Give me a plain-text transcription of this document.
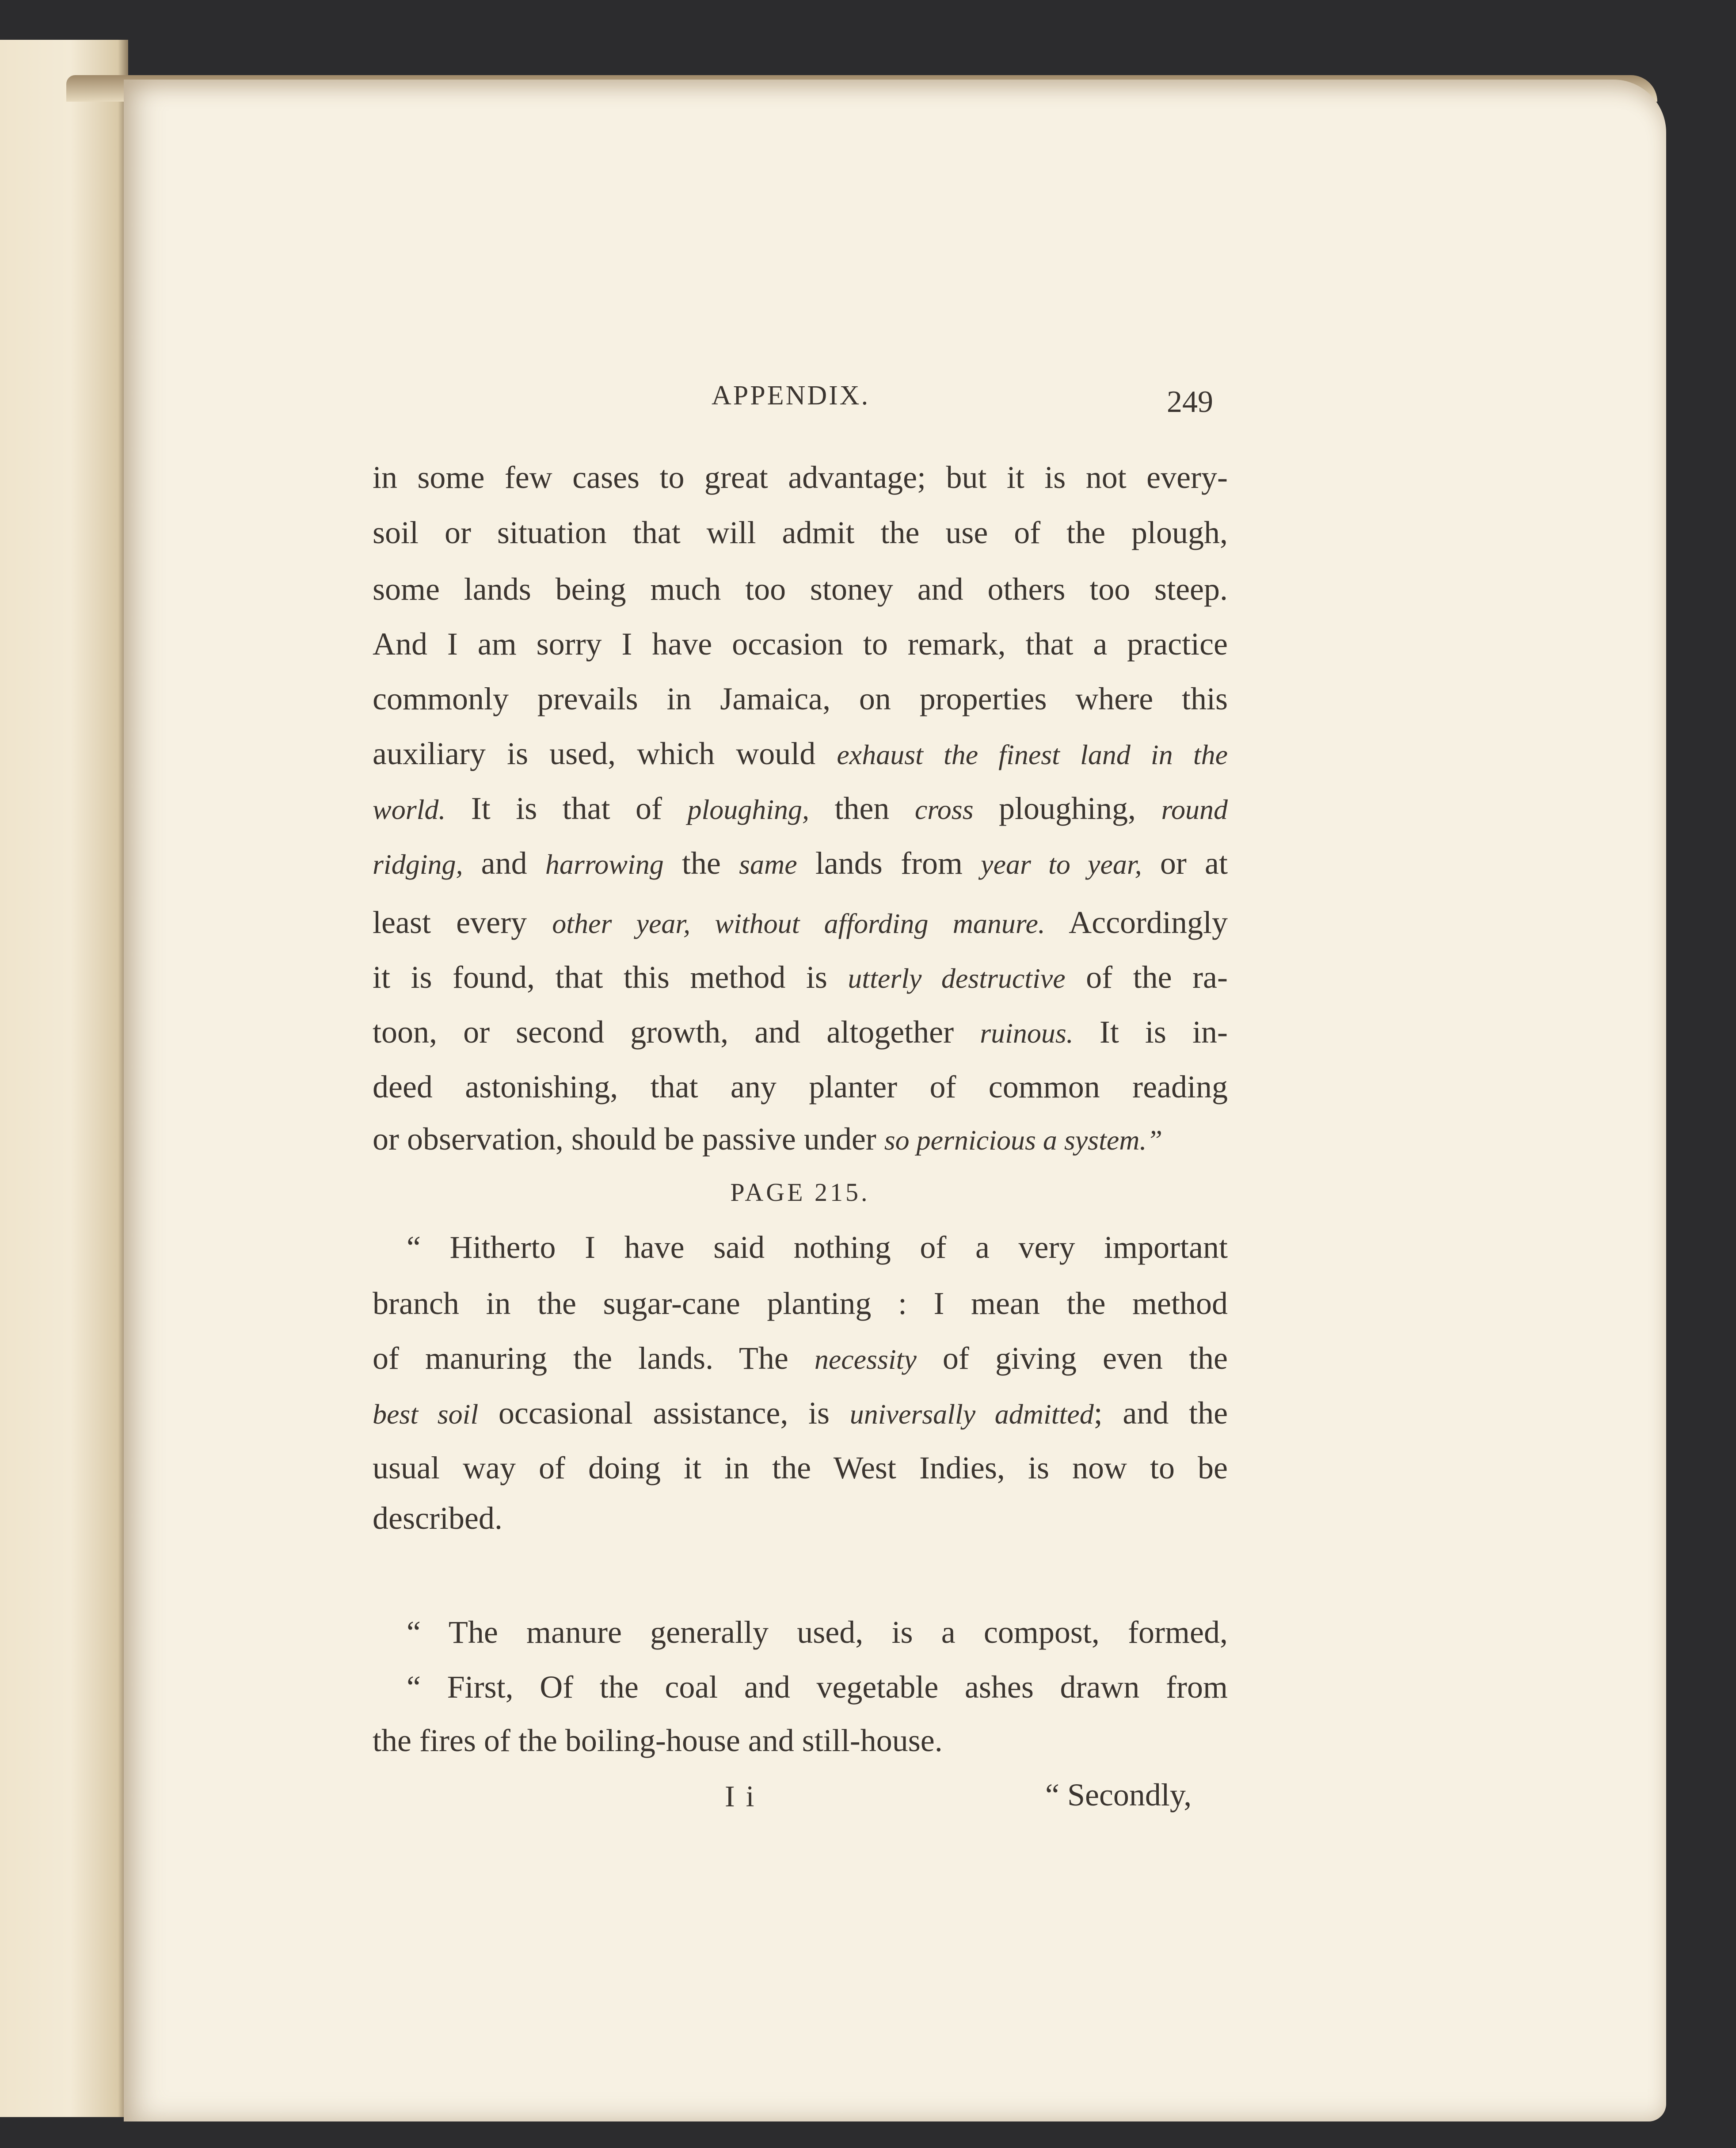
APPENDIX.	249
in some few cases to great advantage; but it is not every-
soil or situation that will admit the use of the plough,
some lands being much too stoney and others too steep.
And I am sorry I have occasion to remark, that a practice
commonly prevails in Jamaica, on properties where this
auxiliary is used, which would exhaust the finest land in the
world. It is that of ploughing, then cross ploughing, round
ridging, and harrowing the same lands from year to year, or at
least every other year, without affording manure. Accordingly
it is found, that this method is utterly destructive of the ra-
toon, or second growth, and altogether ruinous. It is in-
deed astonishing, that any planter of common reading
or observation, should be passive under so pernicious a system.”
PAGE 215.
“ Hitherto I have said nothing of a very important
branch in the sugar-cane planting : I mean the method
of manuring the lands. The necessity of giving even the
best soil occasional assistance, is universally admitted; and the
usual way of doing it in the West Indies, is now to be
described.
“ The manure generally used, is a compost, formed,
“ First, Of the coal and vegetable ashes drawn from
the fires of the boiling-house and still-house.
I i	“ Secondly,
